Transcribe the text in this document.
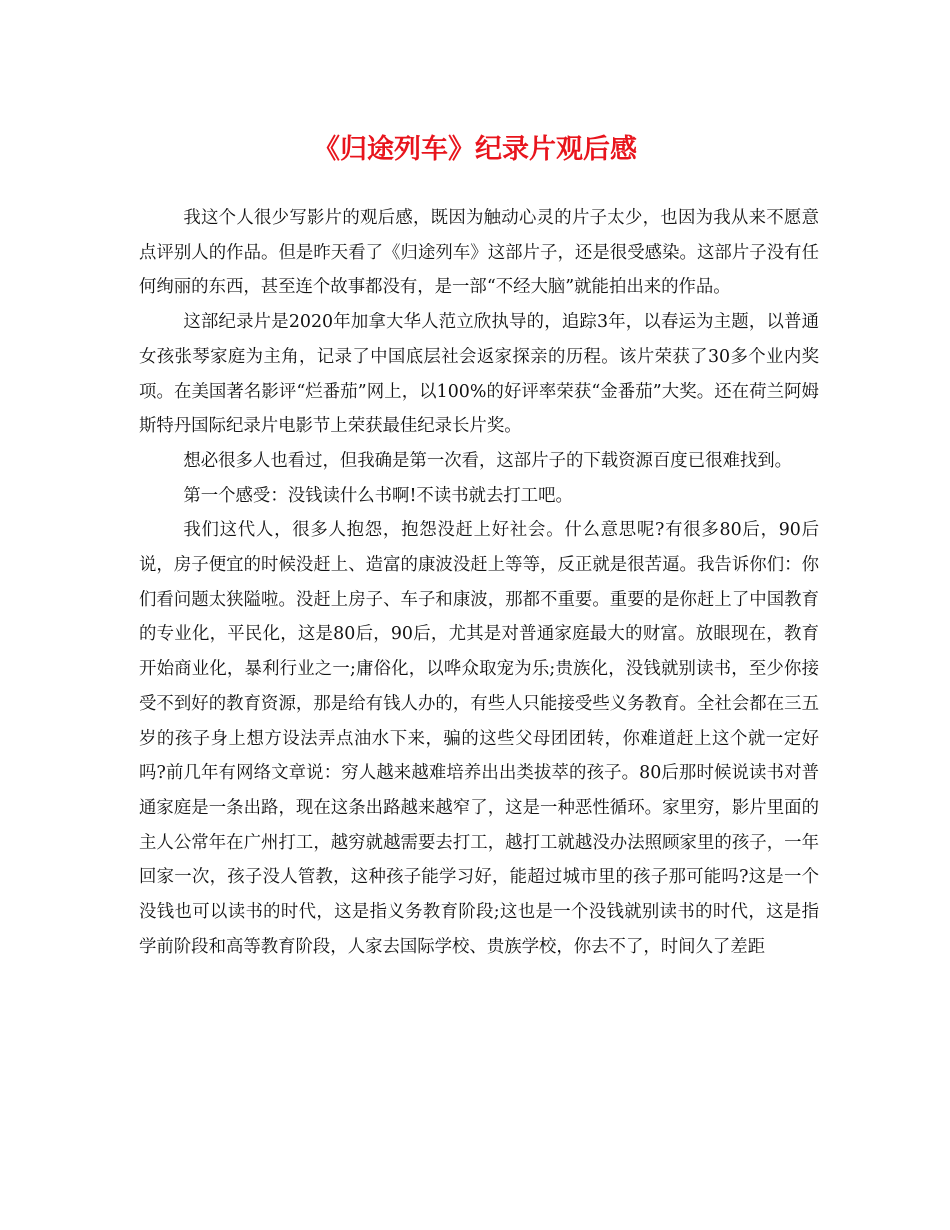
《归途列车》纪录片观后感

我这个人很少写影片的观后感，既因为触动心灵的片子太少，也因为我从来不愿意点评别人的作品。但是昨天看了《归途列车》这部片子，还是很受感染。这部片子没有任何绚丽的东西，甚至连个故事都没有，是一部“不经大脑”就能拍出来的作品。

这部纪录片是2020年加拿大华人范立欣执导的，追踪3年，以春运为主题，以普通女孩张琴家庭为主角，记录了中国底层社会返家探亲的历程。该片荣获了30多个业内奖项。在美国著名影评“烂番茄”网上，以100%的好评率荣获“金番茄”大奖。还在荷兰阿姆斯特丹国际纪录片电影节上荣获最佳纪录长片奖。

想必很多人也看过，但我确是第一次看，这部片子的下载资源百度已很难找到。

第一个感受：没钱读什么书啊!不读书就去打工吧。

我们这代人，很多人抱怨，抱怨没赶上好社会。什么意思呢?有很多80后，90后说，房子便宜的时候没赶上、造富的康波没赶上等等，反正就是很苦逼。我告诉你们：你们看问题太狭隘啦。没赶上房子、车子和康波，那都不重要。重要的是你赶上了中国教育的专业化，平民化，这是80后，90后，尤其是对普通家庭最大的财富。放眼现在，教育开始商业化，暴利行业之一;庸俗化，以哗众取宠为乐;贵族化，没钱就别读书，至少你接受不到好的教育资源，那是给有钱人办的，有些人只能接受些义务教育。全社会都在三五岁的孩子身上想方设法弄点油水下来，骗的这些父母团团转，你难道赶上这个就一定好吗?前几年有网络文章说：穷人越来越难培养出出类拔萃的孩子。80后那时候说读书对普通家庭是一条出路，现在这条出路越来越窄了，这是一种恶性循环。家里穷，影片里面的主人公常年在广州打工，越穷就越需要去打工，越打工就越没办法照顾家里的孩子，一年回家一次，孩子没人管教，这种孩子能学习好，能超过城市里的孩子那可能吗?这是一个没钱也可以读书的时代，这是指义务教育阶段;这也是一个没钱就别读书的时代，这是指学前阶段和高等教育阶段，人家去国际学校、贵族学校，你去不了，时间久了差距
